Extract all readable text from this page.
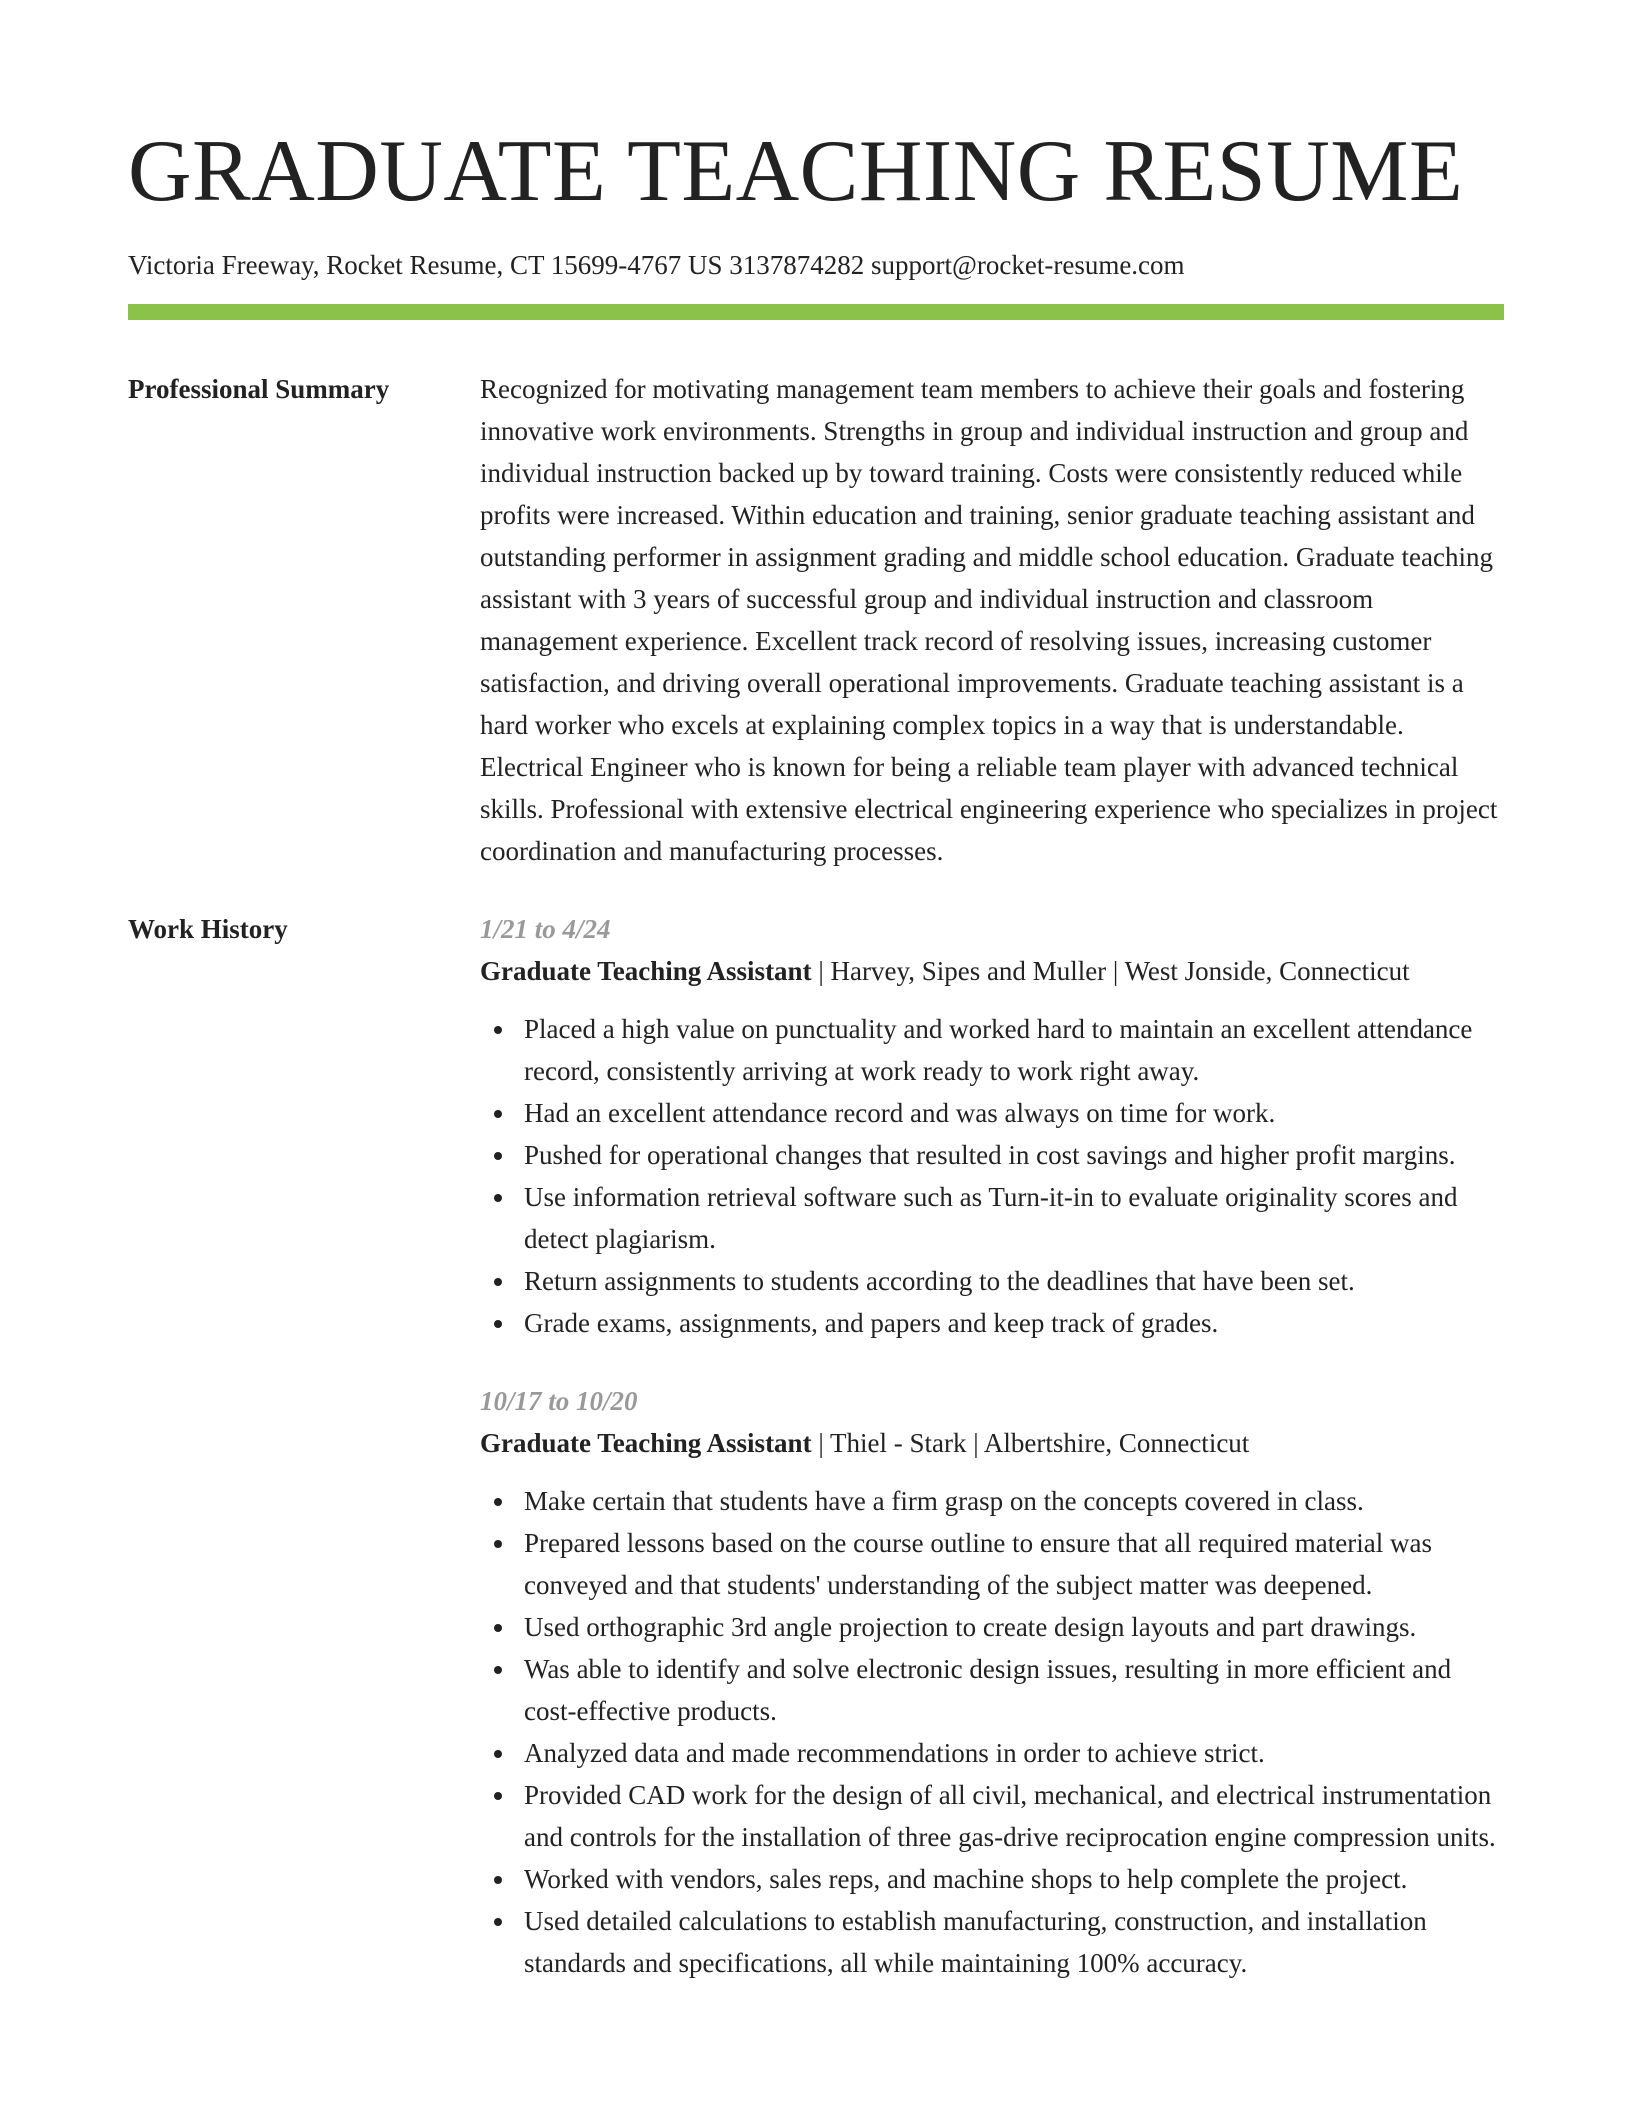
GRADUATE TEACHING RESUME
Victoria Freeway, Rocket Resume, CT 15699-4767 US 3137874282 support@rocket-resume.com
Professional Summary	Recognized for motivating management team members to achieve their goals and fostering innovative work environments. Strengths in group and individual instruction and group and individual instruction backed up by toward training. Costs were consistently reduced while profits were increased. Within education and training, senior graduate teaching assistant and outstanding performer in assignment grading and middle school education. Graduate teaching assistant with 3 years of successful group and individual instruction and classroom management experience. Excellent track record of resolving issues, increasing customer satisfaction, and driving overall operational improvements. Graduate teaching assistant is a hard worker who excels at explaining complex topics in a way that is understandable. Electrical Engineer who is known for being a reliable team player with advanced technical skills. Professional with extensive electrical engineering experience who specializes in project coordination and manufacturing processes.
Work History	1/21 to 4/24
Graduate Teaching Assistant | Harvey, Sipes and Muller | West Jonside, Connecticut
Placed a high value on punctuality and worked hard to maintain an excellent attendance record, consistently arriving at work ready to work right away.
Had an excellent attendance record and was always on time for work.
Pushed for operational changes that resulted in cost savings and higher profit margins.
Use information retrieval software such as Turn-it-in to evaluate originality scores and detect plagiarism.
Return assignments to students according to the deadlines that have been set.
Grade exams, assignments, and papers and keep track of grades.
10/17 to 10/20
Graduate Teaching Assistant | Thiel - Stark | Albertshire, Connecticut
Make certain that students have a firm grasp on the concepts covered in class.
Prepared lessons based on the course outline to ensure that all required material was conveyed and that students' understanding of the subject matter was deepened.
Used orthographic 3rd angle projection to create design layouts and part drawings.
Was able to identify and solve electronic design issues, resulting in more efficient and cost-effective products.
Analyzed data and made recommendations in order to achieve strict.
Provided CAD work for the design of all civil, mechanical, and electrical instrumentation and controls for the installation of three gas-drive reciprocation engine compression units.
Worked with vendors, sales reps, and machine shops to help complete the project.
Used detailed calculations to establish manufacturing, construction, and installation standards and specifications, all while maintaining 100% accuracy.
